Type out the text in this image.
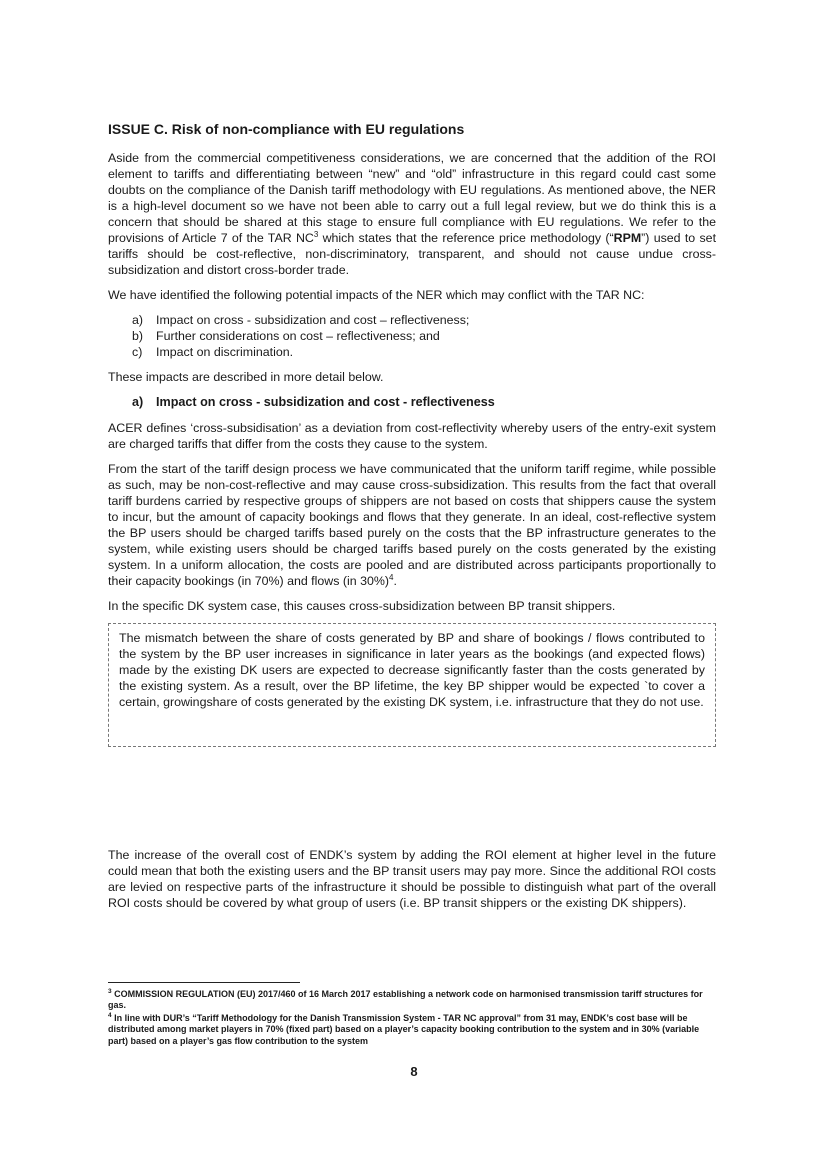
ISSUE C. Risk of non-compliance with EU regulations

Aside from the commercial competitiveness considerations, we are concerned that the addition of the ROI element to tariffs and differentiating between “new” and “old” infrastructure in this regard could cast some doubts on the compliance of the Danish tariff methodology with EU regulations. As mentioned above, the NER is a high-level document so we have not been able to carry out a full legal review, but we do think this is a concern that should be shared at this stage to ensure full compliance with EU regulations. We refer to the provisions of Article 7 of the TAR $NC^3$ which states that the reference price methodology (“RPM”) used to set tariffs should be cost-reflective, non-discriminatory, transparent, and should not cause undue cross-subsidization and distort cross-border trade.

We have identified the following potential impacts of the NER which may conflict with the TAR NC:

a) Impact on cross - subsidization and cost – reflectiveness;
b) Further considerations on cost – reflectiveness; and
c) Impact on discrimination.

These impacts are described in more detail below.

a) Impact on cross - subsidization and cost - reflectiveness

ACER defines ‘cross-subsidisation’ as a deviation from cost-reflectivity whereby users of the entry-exit system are charged tariffs that differ from the costs they cause to the system.

From the start of the tariff design process we have communicated that the uniform tariff regime, while possible as such, may be non-cost-reflective and may cause cross-subsidization. This results from the fact that overall tariff burdens carried by respective groups of shippers are not based on costs that shippers cause the system to incur, but the amount of capacity bookings and flows that they generate. In an ideal, cost-reflective system the BP users should be charged tariffs based purely on the costs that the BP infrastructure generates to the system, while existing users should be charged tariffs based purely on the costs generated by the existing system. In a uniform allocation, the costs are pooled and are distributed across participants proportionally to their capacity bookings (in 70%) and flows (in 30%)$^4$.

In the specific DK system case, this causes cross-subsidization between BP transit shippers.

The mismatch between the share of costs generated by BP and share of bookings / flows contributed to the system by the BP user increases in significance in later years as the bookings (and expected flows) made by the existing DK users are expected to decrease significantly faster than the costs generated by the existing system. As a result, over the BP lifetime, the key BP shipper would be expected `to cover a certain, growingshare of costs generated by the existing DK system, i.e. infrastructure that they do not use.

The increase of the overall cost of ENDK’s system by adding the ROI element at higher level in the future could mean that both the existing users and the BP transit users may pay more. Since the additional ROI costs are levied on respective parts of the infrastructure it should be possible to distinguish what part of the overall ROI costs should be covered by what group of users (i.e. BP transit shippers or the existing DK shippers).

$^3$ COMMISSION REGULATION (EU) 2017/460 of 16 March 2017 establishing a network code on harmonised transmission tariff structures for gas.
$^4$ In line with DUR’s “Tariff Methodology for the Danish Transmission System - TAR NC approval” from 31 may, ENDK’s cost base will be distributed among market players in 70% (fixed part) based on a player’s capacity booking contribution to the system and in 30% (variable part) based on a player’s gas flow contribution to the system
8
